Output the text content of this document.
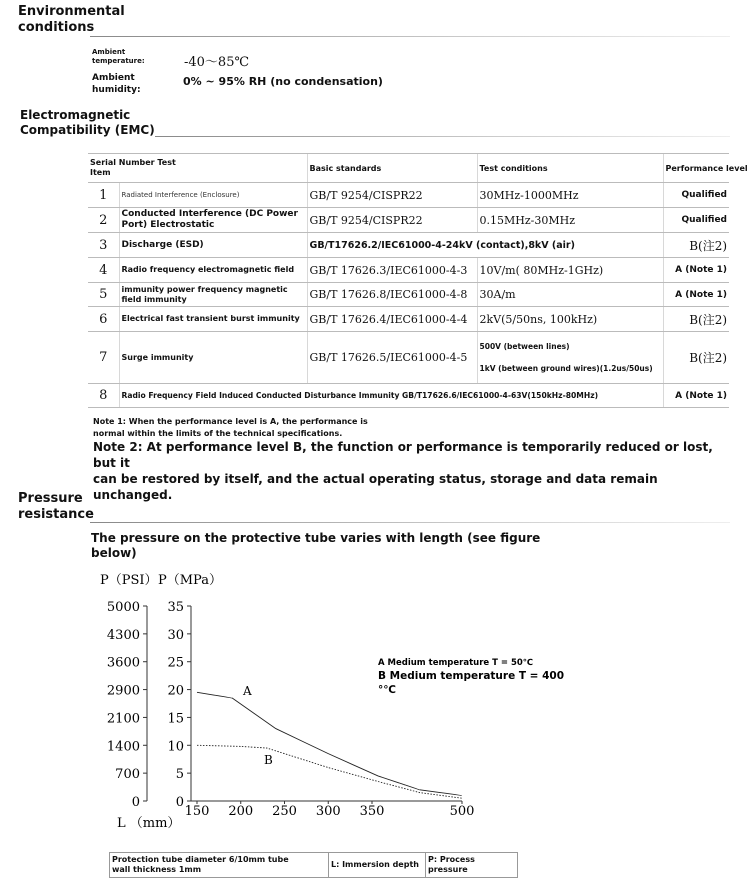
Environmental
conditions
Ambient
temperature:	-40～85℃
Ambient
humidity:
0% ~ 95% RH (no condensation)
Electromagnetic
Compatibility (EMC)
Serial Number Test
Item		Basic standards	Test conditions	Performance level
1	Radiated Interference (Enclosure)	GB/T 9254/CISPR22	30MHz-1000MHz	Qualified
2	Conducted Interference (DC Power Port) Electrostatic	GB/T 9254/CISPR22	0.15MHz-30MHz	Qualified
3	Discharge (ESD)	GB/T17626.2/IEC61000-4-24kV (contact),8kV (air)		B(注2)
4	Radio frequency electromagnetic field	GB/T 17626.3/IEC61000-4-3	10V/m( 80MHz-1GHz)	A (Note 1)
5	immunity power frequency magnetic field immunity	GB/T 17626.8/IEC61000-4-8	30A/m	A (Note 1)
6	Electrical fast transient burst immunity	GB/T 17626.4/IEC61000-4-4	2kV(5/50ns, 100kHz)	B(注2)
7	Surge immunity	GB/T 17626.5/IEC61000-4-5	500V (between lines)
1kV (between ground wires)(1.2us/50us)	B(注2)
8	Radio Frequency Field Induced Conducted Disturbance Immunity GB/T17626.6/IEC61000-4-63V(150kHz-80MHz)			A (Note 1)
Note 1: When the performance level is A, the performance is
normal within the limits of the technical specifications.
Note 2: At performance level B, the function or performance is temporarily reduced or lost, but it
can be restored by itself, and the actual operating status, storage and data remain unchanged.
Pressure
resistance
The pressure on the protective tube varies with length (see figure
below)
P（PSI） P（MPa）
5000
4300
3600
2900
2100
1400
700
0
35
30
25
20
15
10
5
0
150 200 250 300 350	500
L （mm）
A
B
A Medium temperature T = 50℃
B Medium temperature T = 400
°℃
Protection tube diameter 6/10mm tube
wall thickness 1mm
L: Immersion depth
P: Process pressure
